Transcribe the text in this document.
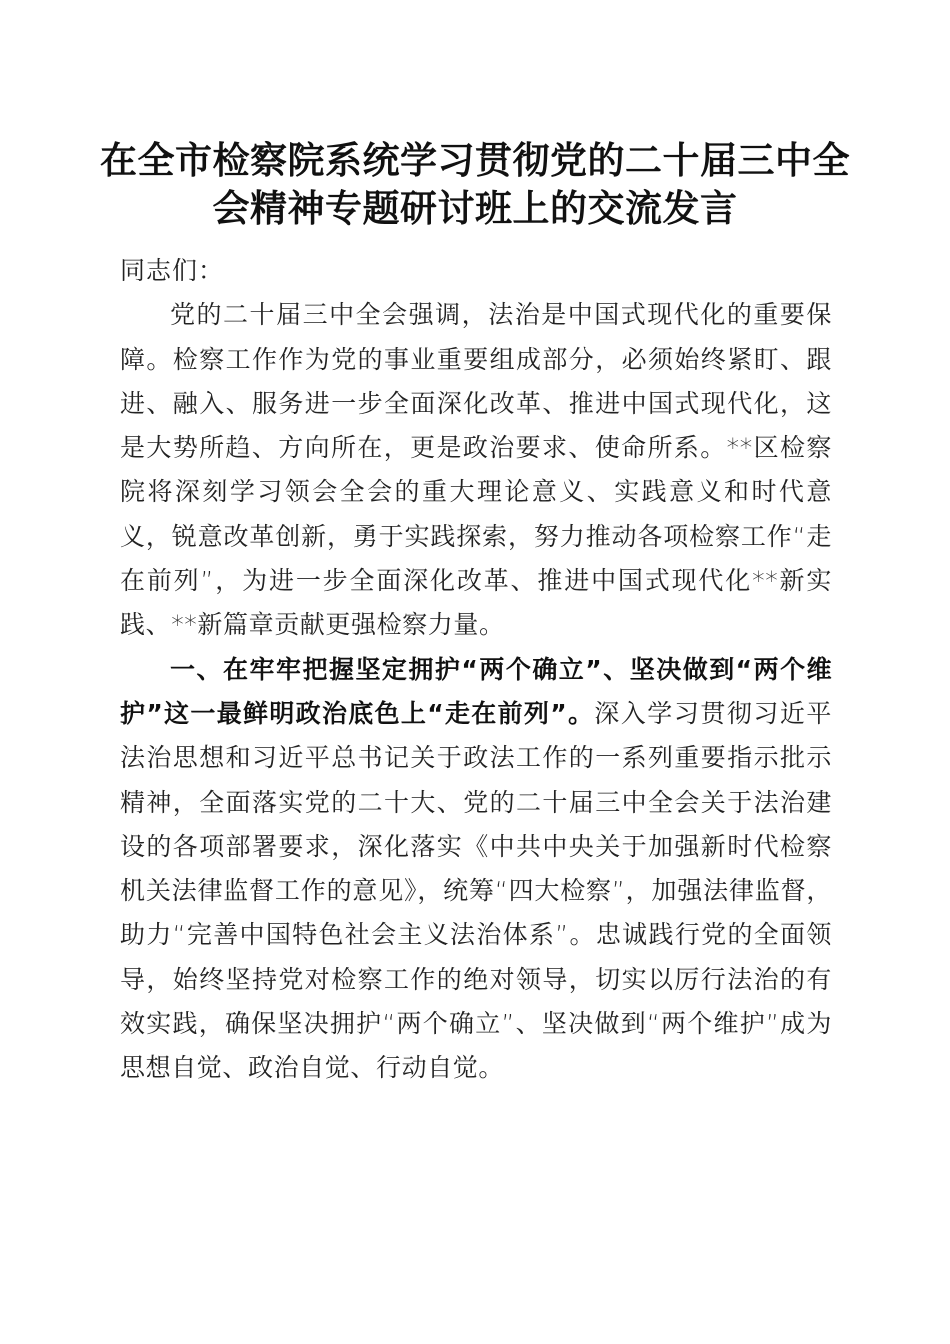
在全市检察院系统学习贯彻党的二十届三中全
会精神专题研讨班上的交流发言

同志们：

党的二十届三中全会强调，法治是中国式现代化的重要保障。检察工作作为党的事业重要组成部分，必须始终紧盯、跟进、融入、服务进一步全面深化改革、推进中国式现代化，这是大势所趋、方向所在，更是政治要求、使命所系。**区检察院将深刻学习领会全会的重大理论意义、实践意义和时代意义，锐意改革创新，勇于实践探索，努力推动各项检察工作“走在前列”，为进一步全面深化改革、推进中国式现代化**新实践、**新篇章贡献更强检察力量。

一、在牢牢把握坚定拥护“两个确立”、坚决做到“两个维护”这一最鲜明政治底色上“走在前列”。深入学习贯彻习近平法治思想和习近平总书记关于政法工作的一系列重要指示批示精神，全面落实党的二十大、党的二十届三中全会关于法治建设的各项部署要求，深化落实《中共中央关于加强新时代检察机关法律监督工作的意见》，统筹“四大检察”，加强法律监督，助力“完善中国特色社会主义法治体系”。忠诚践行党的全面领导，始终坚持党对检察工作的绝对领导，切实以厉行法治的有效实践，确保坚决拥护“两个确立”、坚决做到“两个维护”成为思想自觉、政治自觉、行动自觉。
